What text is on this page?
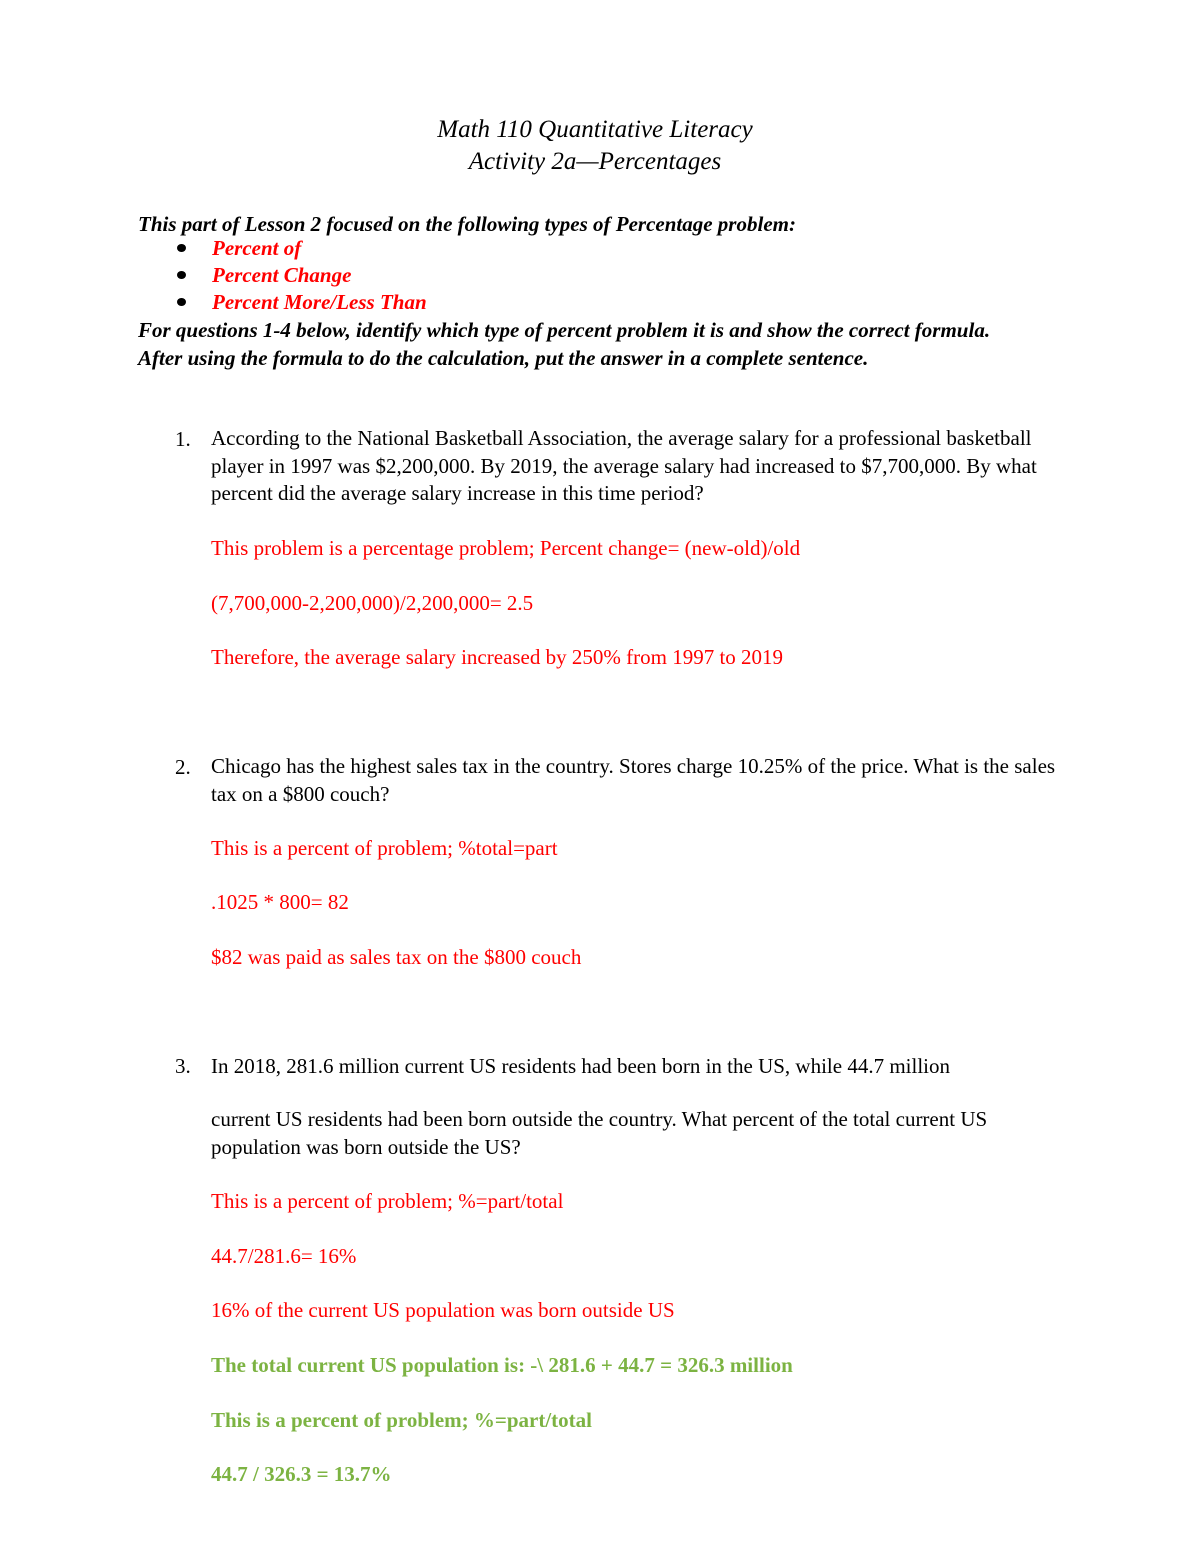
Math 110 Quantitative Literacy
Activity 2a—Percentages
This part of Lesson 2 focused on the following types of Percentage problem:
Percent of
Percent Change
Percent More/Less Than
For questions 1-4 below, identify which type of percent problem it is and show the correct formula. After using the formula to do the calculation, put the answer in a complete sentence.
1. According to the National Basketball Association, the average salary for a professional basketball player in 1997 was $2,200,000. By 2019, the average salary had increased to $7,700,000. By what percent did the average salary increase in this time period?
This problem is a percentage problem; Percent change= (new-old)/old
(7,700,000-2,200,000)/2,200,000= 2.5
Therefore, the average salary increased by 250% from 1997 to 2019
2. Chicago has the highest sales tax in the country. Stores charge 10.25% of the price. What is the sales tax on a $800 couch?
This is a percent of problem; %total=part
.1025 * 800= 82
$82 was paid as sales tax on the $800 couch
3. In 2018, 281.6 million current US residents had been born in the US, while 44.7 million
current US residents had been born outside the country. What percent of the total current US population was born outside the US?
This is a percent of problem; %=part/total
44.7/281.6= 16%
16% of the current US population was born outside US
The total current US population is: -\ 281.6 + 44.7 = 326.3 million
This is a percent of problem; %=part/total
44.7 / 326.3 = 13.7%
